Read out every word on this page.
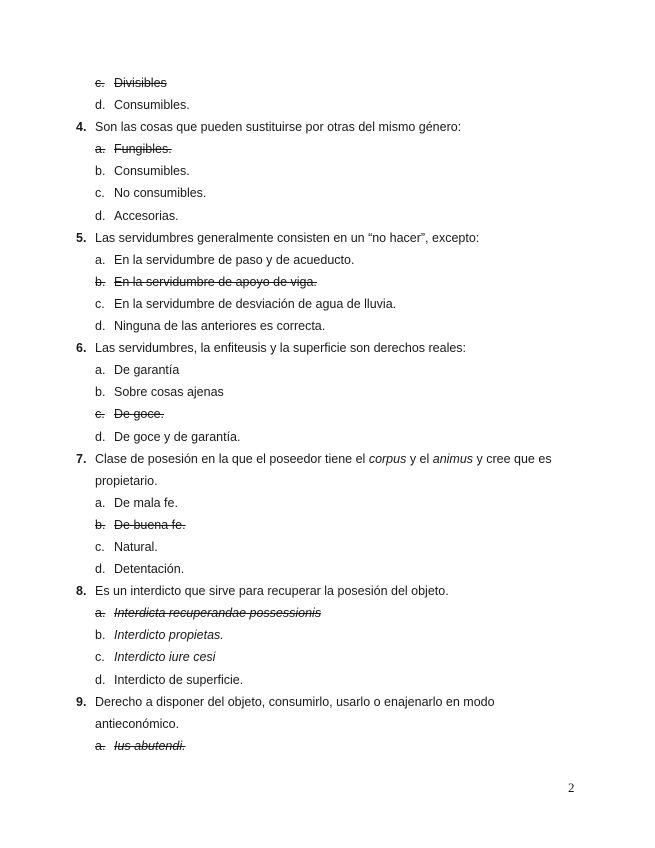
c. Divisibles
d. Consumibles.
4. Son las cosas que pueden sustituirse por otras del mismo género:
a. Fungibles.
b. Consumibles.
c. No consumibles.
d. Accesorias.
5. Las servidumbres generalmente consisten en un “no hacer”, excepto:
a. En la servidumbre de paso y de acueducto.
b. En la servidumbre de apoyo de viga.
c. En la servidumbre de desviación de agua de lluvia.
d. Ninguna de las anteriores es correcta.
6. Las servidumbres, la enfiteusis y la superficie son derechos reales:
a. De garantía
b. Sobre cosas ajenas
c. De goce.
d. De goce y de garantía.
7. Clase de posesión en la que el poseedor tiene el corpus y el animus y cree que es
propietario.
a. De mala fe.
b. De buena fe.
c. Natural.
d. Detentación.
8. Es un interdicto que sirve para recuperar la posesión del objeto.
a. Interdicta recuperandae possessionis
b. Interdicto propietas.
c. Interdicto iure cesi
d. Interdicto de superficie.
9. Derecho a disponer del objeto, consumirlo, usarlo o enajenarlo en modo
antieconómico.
a. Ius abutendi.
2
